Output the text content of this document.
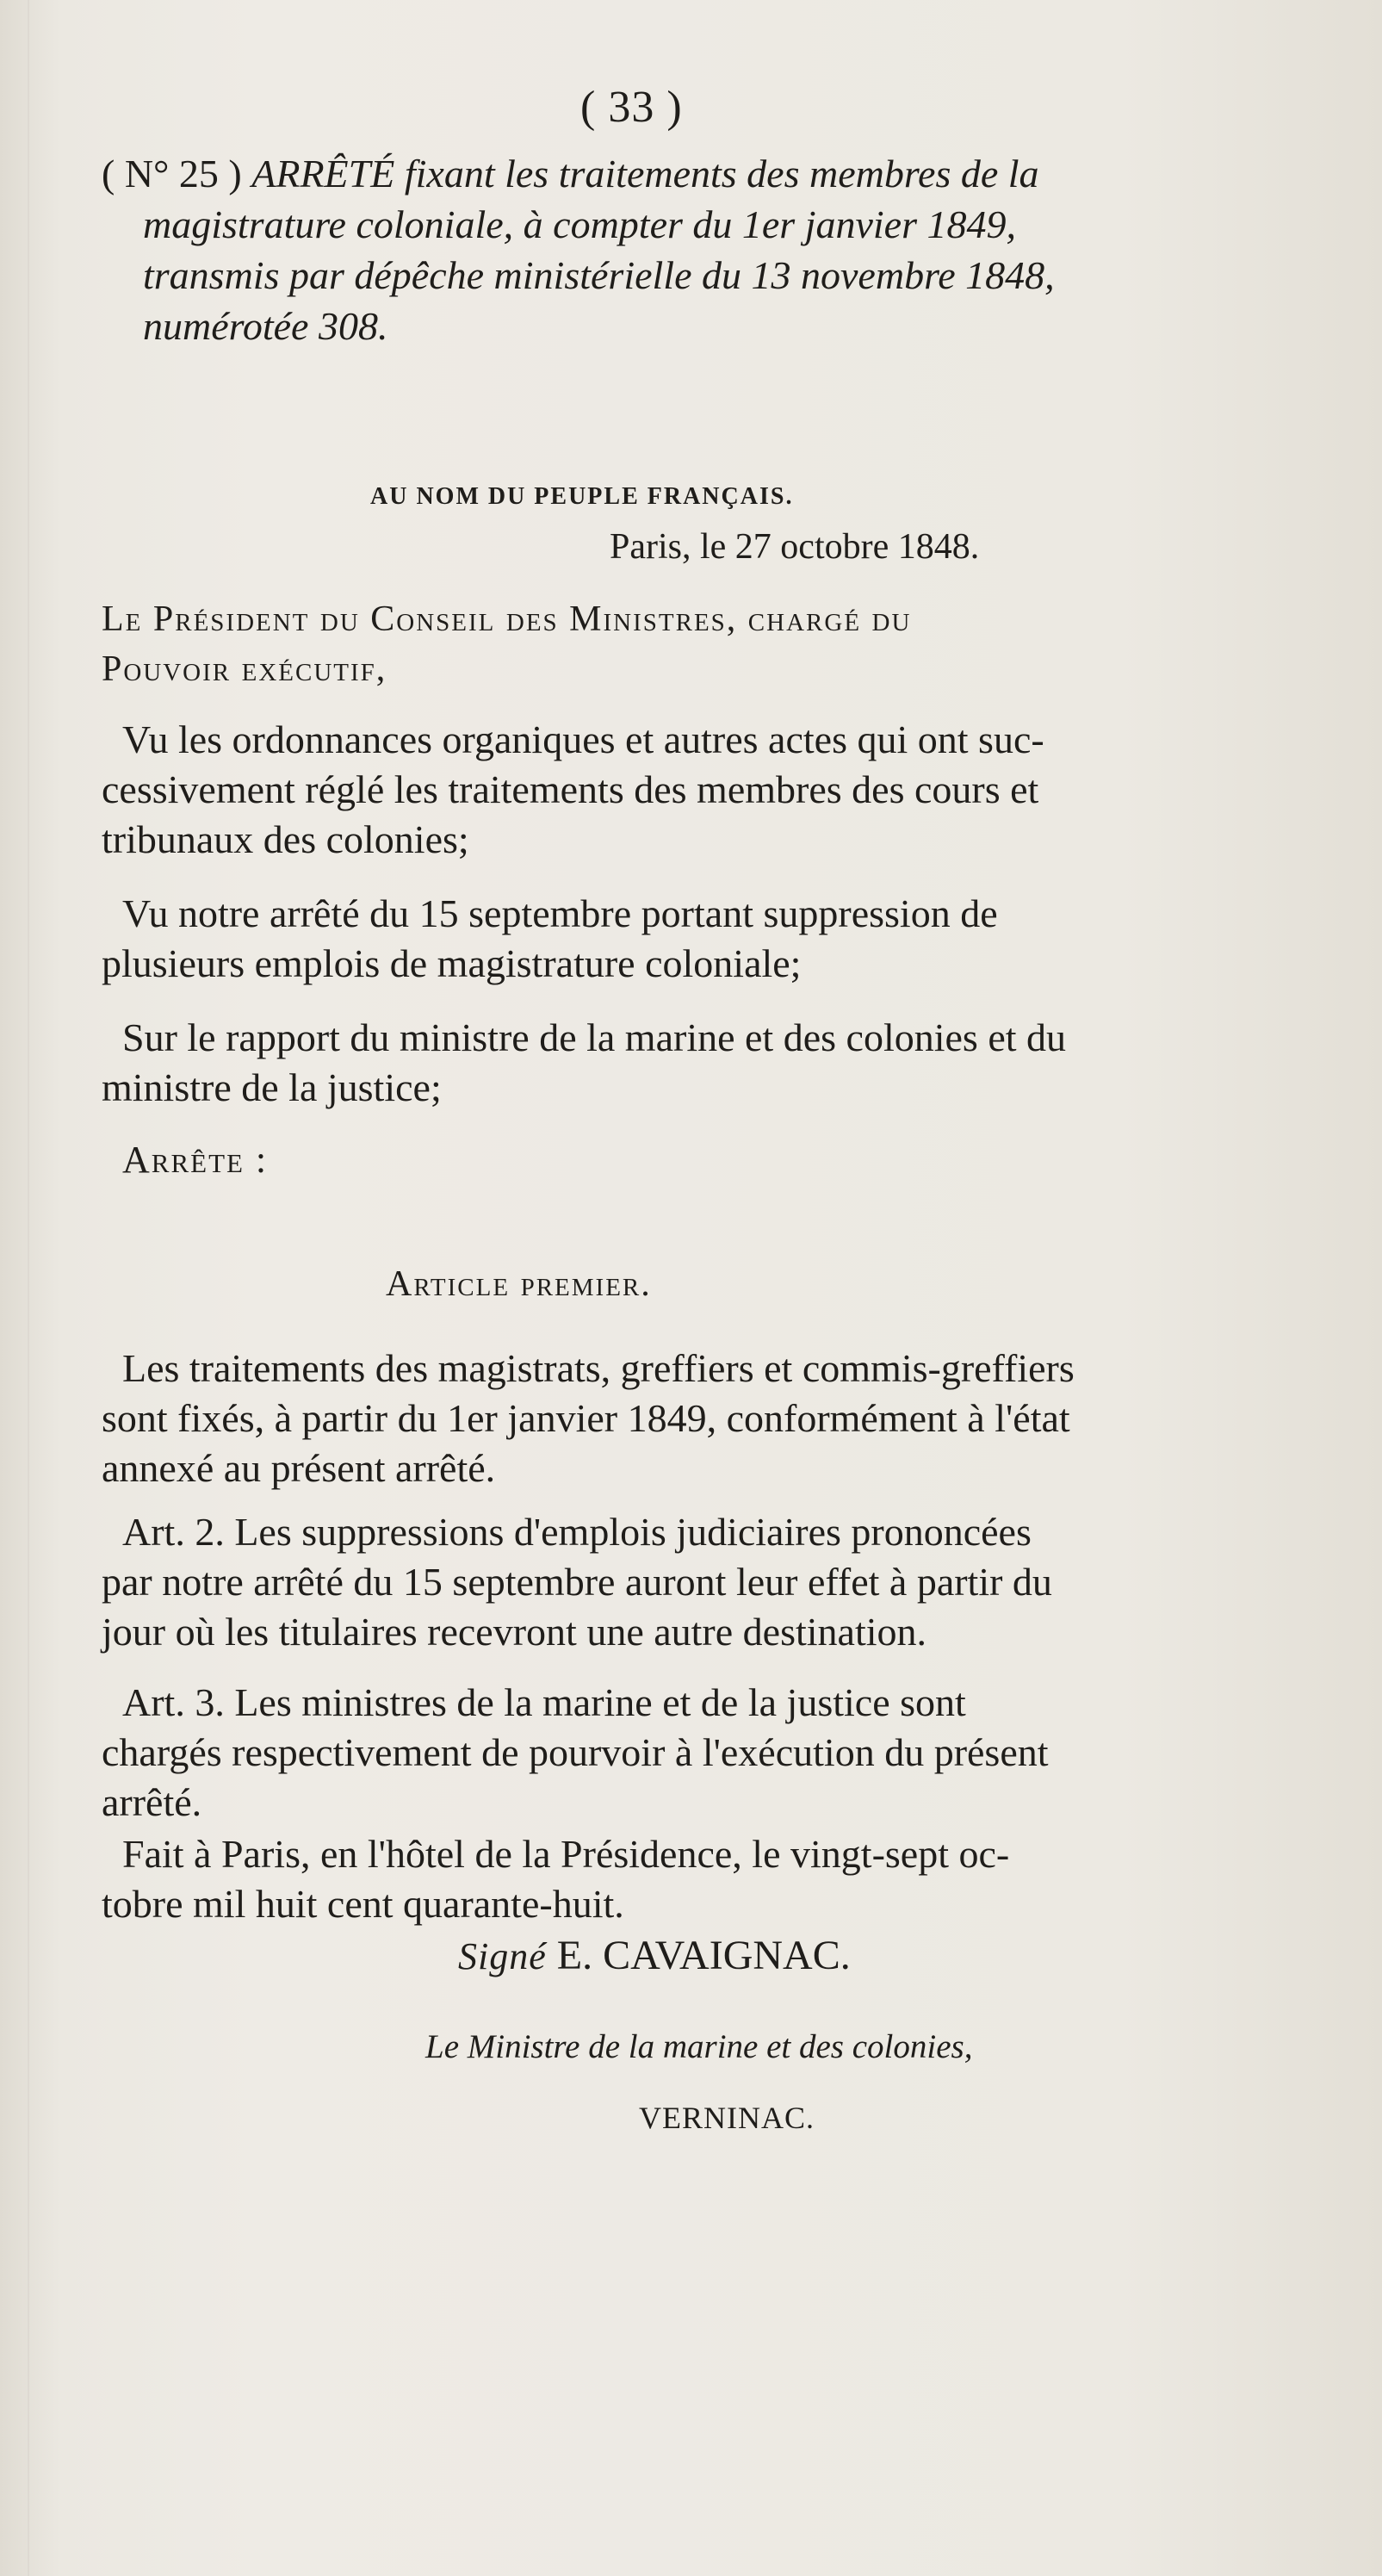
( 33 )
( N° 25 ) ARRÊTÉ fixant les traitements des membres de la
magistrature coloniale, à compter du 1er janvier 1849,
transmis par dépêche ministérielle du 13 novembre 1848,
numérotée 308.
AU NOM DU PEUPLE FRANÇAIS.
Paris, le 27 octobre 1848.
Le Président du Conseil des Ministres, chargé du
Pouvoir exécutif,

Vu les ordonnances organiques et autres actes qui ont suc-

cessivement réglé les traitements des membres des cours et

tribunaux des colonies;

Vu notre arrêté du 15 septembre portant suppression de

plusieurs emplois de magistrature coloniale;

Sur le rapport du ministre de la marine et des colonies et du

ministre de la justice;

Arrête :
Article premier.

Les traitements des magistrats, greffiers et commis-greffiers

sont fixés, à partir du 1er janvier 1849, conformément à l'état

annexé au présent arrêté.

Art. 2. Les suppressions d'emplois judiciaires prononcées

par notre arrêté du 15 septembre auront leur effet à partir du

jour où les titulaires recevront une autre destination.

Art. 3. Les ministres de la marine et de la justice sont

chargés respectivement de pourvoir à l'exécution du présent

arrêté.

Fait à Paris, en l'hôtel de la Présidence, le vingt-sept oc-

tobre mil huit cent quarante-huit.

Signé E. CAVAIGNAC.
Le Ministre de la marine et des colonies,
VERNINAC.
